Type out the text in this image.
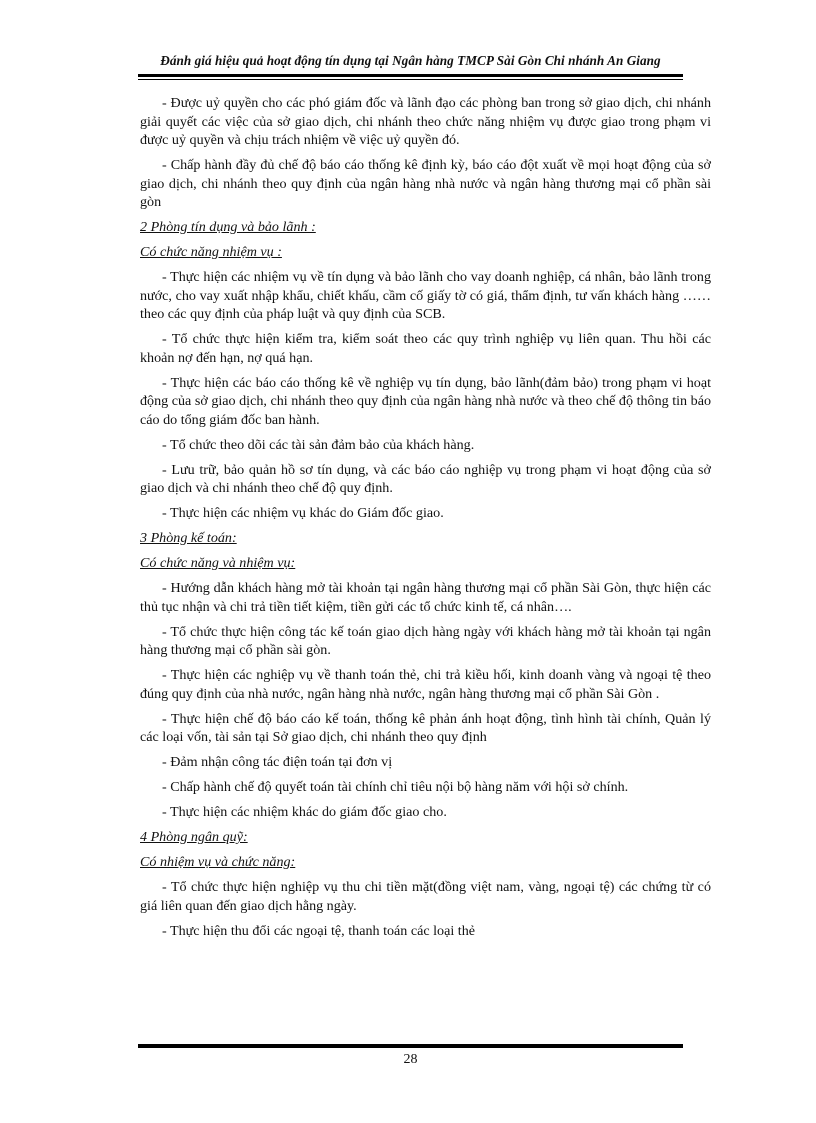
Đánh giá hiệu quả hoạt động tín dụng tại Ngân hàng TMCP Sài Gòn Chi nhánh An Giang

- Được uỷ quyền cho các phó giám đốc và lãnh đạo các phòng ban trong sở giao dịch, chi nhánh giải quyết các việc của sở giao dịch, chi nhánh theo chức năng nhiệm vụ được giao trong phạm vi được uỷ quyền và chịu trách nhiệm về việc uỷ quyền đó.

- Chấp hành đầy đủ chế độ báo cáo thống kê định kỳ, báo cáo đột xuất về mọi hoạt động của sở giao dịch, chi nhánh theo quy định của ngân hàng nhà nước và ngân hàng thương mại cổ phần sài gòn

2 Phòng tín dụng và bảo lãnh :
Có chức năng nhiệm vụ :

- Thực hiện các nhiệm vụ về tín dụng và bảo lãnh cho vay doanh nghiệp, cá nhân, bảo lãnh trong nước, cho vay xuất nhập khẩu, chiết khấu, cầm cố giấy tờ có giá, thẩm định, tư vấn khách hàng …… theo các quy định của pháp luật và quy định của SCB.

- Tổ chức thực hiện kiểm tra, kiểm soát theo các quy trình nghiệp vụ liên quan. Thu hồi các khoản nợ đến hạn, nợ quá hạn.

- Thực hiện các báo cáo thống kê về nghiệp vụ tín dụng, bảo lãnh(đảm bảo) trong phạm vi hoạt động của sở giao dịch, chi nhánh theo quy định của ngân hàng nhà nước và theo chế độ thông tin báo cáo do tổng giám đốc ban hành.

- Tổ chức theo dõi các tài sản đảm bảo của khách hàng.

- Lưu trữ, bảo quản hồ sơ tín dụng, và các báo cáo nghiệp vụ trong phạm vi hoạt động của sở giao dịch và chi nhánh theo chế độ quy định.

- Thực hiện các nhiệm vụ khác do Giám đốc giao.

3 Phòng kế toán:
Có chức năng và nhiệm vụ:

- Hướng dẫn khách hàng mở tài khoản tại ngân hàng thương mại cổ phần Sài Gòn, thực hiện các thủ tục nhận và chi trả tiền tiết kiệm, tiền gửi các tổ chức kinh tế, cá nhân….

- Tổ chức thực hiện công tác kế toán giao dịch hàng ngày với khách hàng mở tài khoản tại ngân hàng thương mại cổ phần sài gòn.

- Thực hiện các nghiệp vụ về thanh toán thẻ, chi trả kiều hối, kinh doanh vàng và ngoại tệ theo đúng quy định của nhà nước, ngân hàng nhà nước, ngân hàng thương mại cổ phần Sài Gòn .

- Thực hiện chế độ báo cáo kế toán, thống kê phản ánh hoạt động, tình hình tài chính, Quản lý các loại vốn, tài sản tại Sở giao dịch, chi nhánh theo quy định

- Đảm nhận công tác điện toán tại đơn vị

- Chấp hành chế độ quyết toán tài chính chỉ tiêu nội bộ hàng năm với hội sở chính.

- Thực hiện các nhiệm khác do giám đốc giao cho.

4 Phòng ngân quỹ:
Có nhiệm vụ và chức năng:

- Tổ chức thực hiện nghiệp vụ thu chi tiền mặt(đồng việt nam, vàng, ngoại tệ) các chứng từ có giá liên quan đến giao dịch hằng ngày.

- Thực hiện thu đổi các ngoại tệ, thanh toán các loại thẻ

28
